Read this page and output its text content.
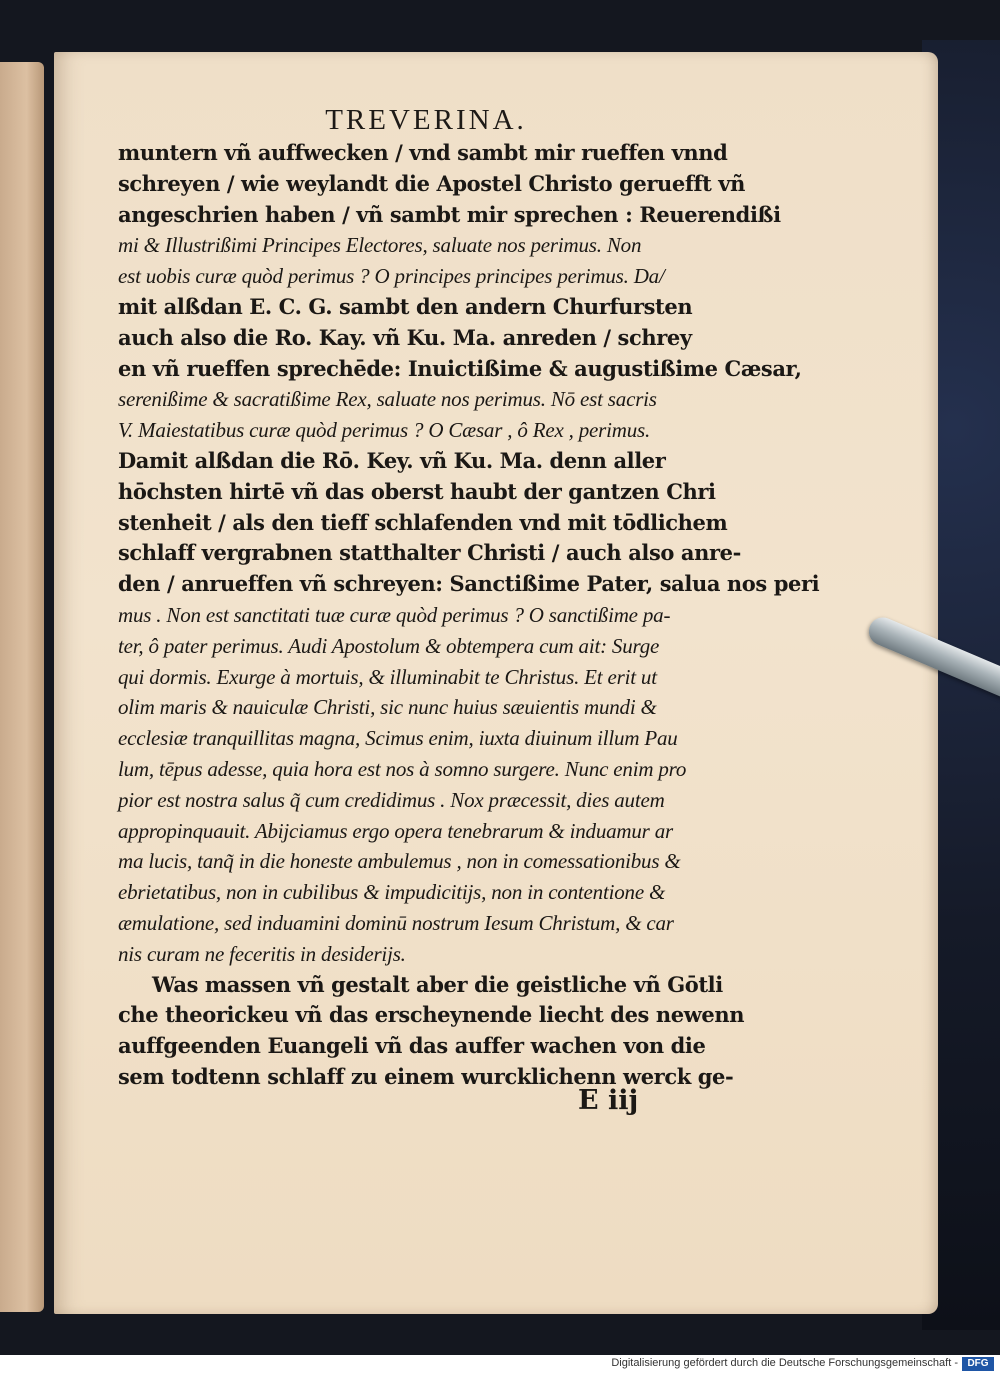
TREVERINA.
muntern vñ auffwecken / vnd sambt mir rueffen vnnd
schreyen / wie weylandt die Apostel Christo geruefft vñ
angeschrien haben / vñ sambt mir sprechen : Reuerendißi
mi & Illustrißimi Principes Electores, saluate nos perimus. Non
est uobis curæ quòd perimus ? O principes principes perimus. Da/
mit alßdan E. C. G. sambt den andern Churfursten
auch also die Ro. Kay. vñ Ku. Ma. anreden / schrey
en vñ rueffen sprechēde: Inuictißime & augustißime Cæsar,
serenißime & sacratißime Rex, saluate nos perimus. Nō est sacris
V. Maiestatibus curæ quòd perimus ? O Cæsar , ô Rex , perimus.
Damit alßdan die Rō. Key. vñ Ku. Ma. denn aller
hōchsten hirtē vñ das oberst haubt der gantzen Chri
stenheit / als den tieff schlafenden vnd mit tōdlichem
schlaff vergrabnen statthalter Christi / auch also anre-
den / anrueffen vñ schreyen: Sanctißime Pater, salua nos peri
mus . Non est sanctitati tuæ curæ quòd perimus ? O sanctißime pa-
ter, ô pater perimus. Audi Apostolum & obtempera cum ait: Surge
qui dormis. Exurge à mortuis, & illuminabit te Christus. Et erit ut
olim maris & nauiculæ Christi, sic nunc huius sæuientis mundi &
ecclesiæ tranquillitas magna, Scimus enim, iuxta diuinum illum Pau
lum, tēpus adesse, quia hora est nos à somno surgere. Nunc enim pro
pior est nostra salus q̃ cum credidimus . Nox præcessit, dies autem
appropinquauit. Abijciamus ergo opera tenebrarum & induamur ar
ma lucis, tanq̃ in die honeste ambulemus , non in comessationibus &
ebrietatibus, non in cubilibus & impudicitijs, non in contentione &
æmulatione, sed induamini dominū nostrum Iesum Christum, & car
nis curam ne feceritis in desiderijs.
Was massen vñ gestalt aber die geistliche vñ Gōtli
che theorickeu vñ das erscheynende liecht des newenn
auffgeenden Euangeli vñ das auffer wachen von die
sem todtenn schlaff zu einem wurcklichenn werck ge-
E iij
Digitalisierung gefördert durch die Deutsche Forschungsgemeinschaft - DFG
